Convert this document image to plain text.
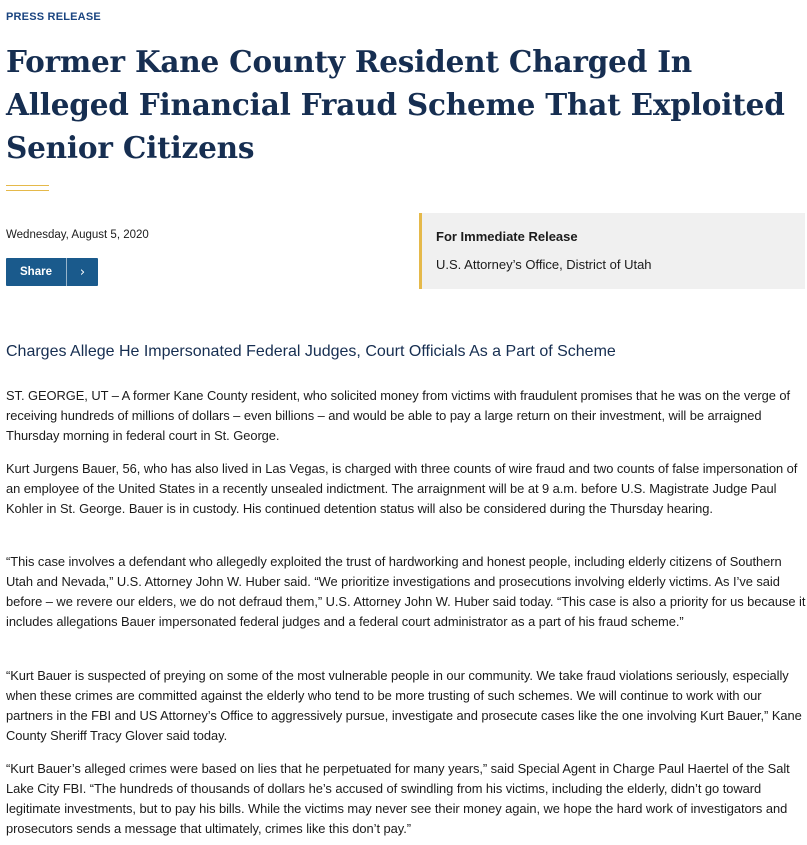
PRESS RELEASE
Former Kane County Resident Charged In Alleged Financial Fraud Scheme That Exploited Senior Citizens
Wednesday, August 5, 2020
Share	›
For Immediate Release
U.S. Attorney’s Office, District of Utah
Charges Allege He Impersonated Federal Judges, Court Officials As a Part of Scheme

ST. GEORGE, UT – A former Kane County resident, who solicited money from victims with fraudulent promises that he was on the verge of receiving hundreds of millions of dollars – even billions – and would be able to pay a large return on their investment, will be arraigned Thursday morning in federal court in St. George.

Kurt Jurgens Bauer, 56, who has also lived in Las Vegas, is charged with three counts of wire fraud and two counts of false impersonation of an employee of the United States in a recently unsealed indictment. The arraignment will be at 9 a.m. before U.S. Magistrate Judge Paul Kohler in St. George. Bauer is in custody. His continued detention status will also be considered during the Thursday hearing.

“This case involves a defendant who allegedly exploited the trust of hardworking and honest people, including elderly citizens of Southern Utah and Nevada,” U.S. Attorney John W. Huber said. “We prioritize investigations and prosecutions involving elderly victims. As I’ve said before – we revere our elders, we do not defraud them,” U.S. Attorney John W. Huber said today. “This case is also a priority for us because it includes allegations Bauer impersonated federal judges and a federal court administrator as a part of his fraud scheme.”

“Kurt Bauer is suspected of preying on some of the most vulnerable people in our community. We take fraud violations seriously, especially when these crimes are committed against the elderly who tend to be more trusting of such schemes. We will continue to work with our partners in the FBI and US Attorney’s Office to aggressively pursue, investigate and prosecute cases like the one involving Kurt Bauer,” Kane County Sheriff Tracy Glover said today.

“Kurt Bauer’s alleged crimes were based on lies that he perpetuated for many years,” said Special Agent in Charge Paul Haertel of the Salt Lake City FBI. “The hundreds of thousands of dollars he’s accused of swindling from his victims, including the elderly, didn’t go toward legitimate investments, but to pay his bills. While the victims may never see their money again, we hope the hard work of investigators and prosecutors sends a message that ultimately, crimes like this don’t pay.”
